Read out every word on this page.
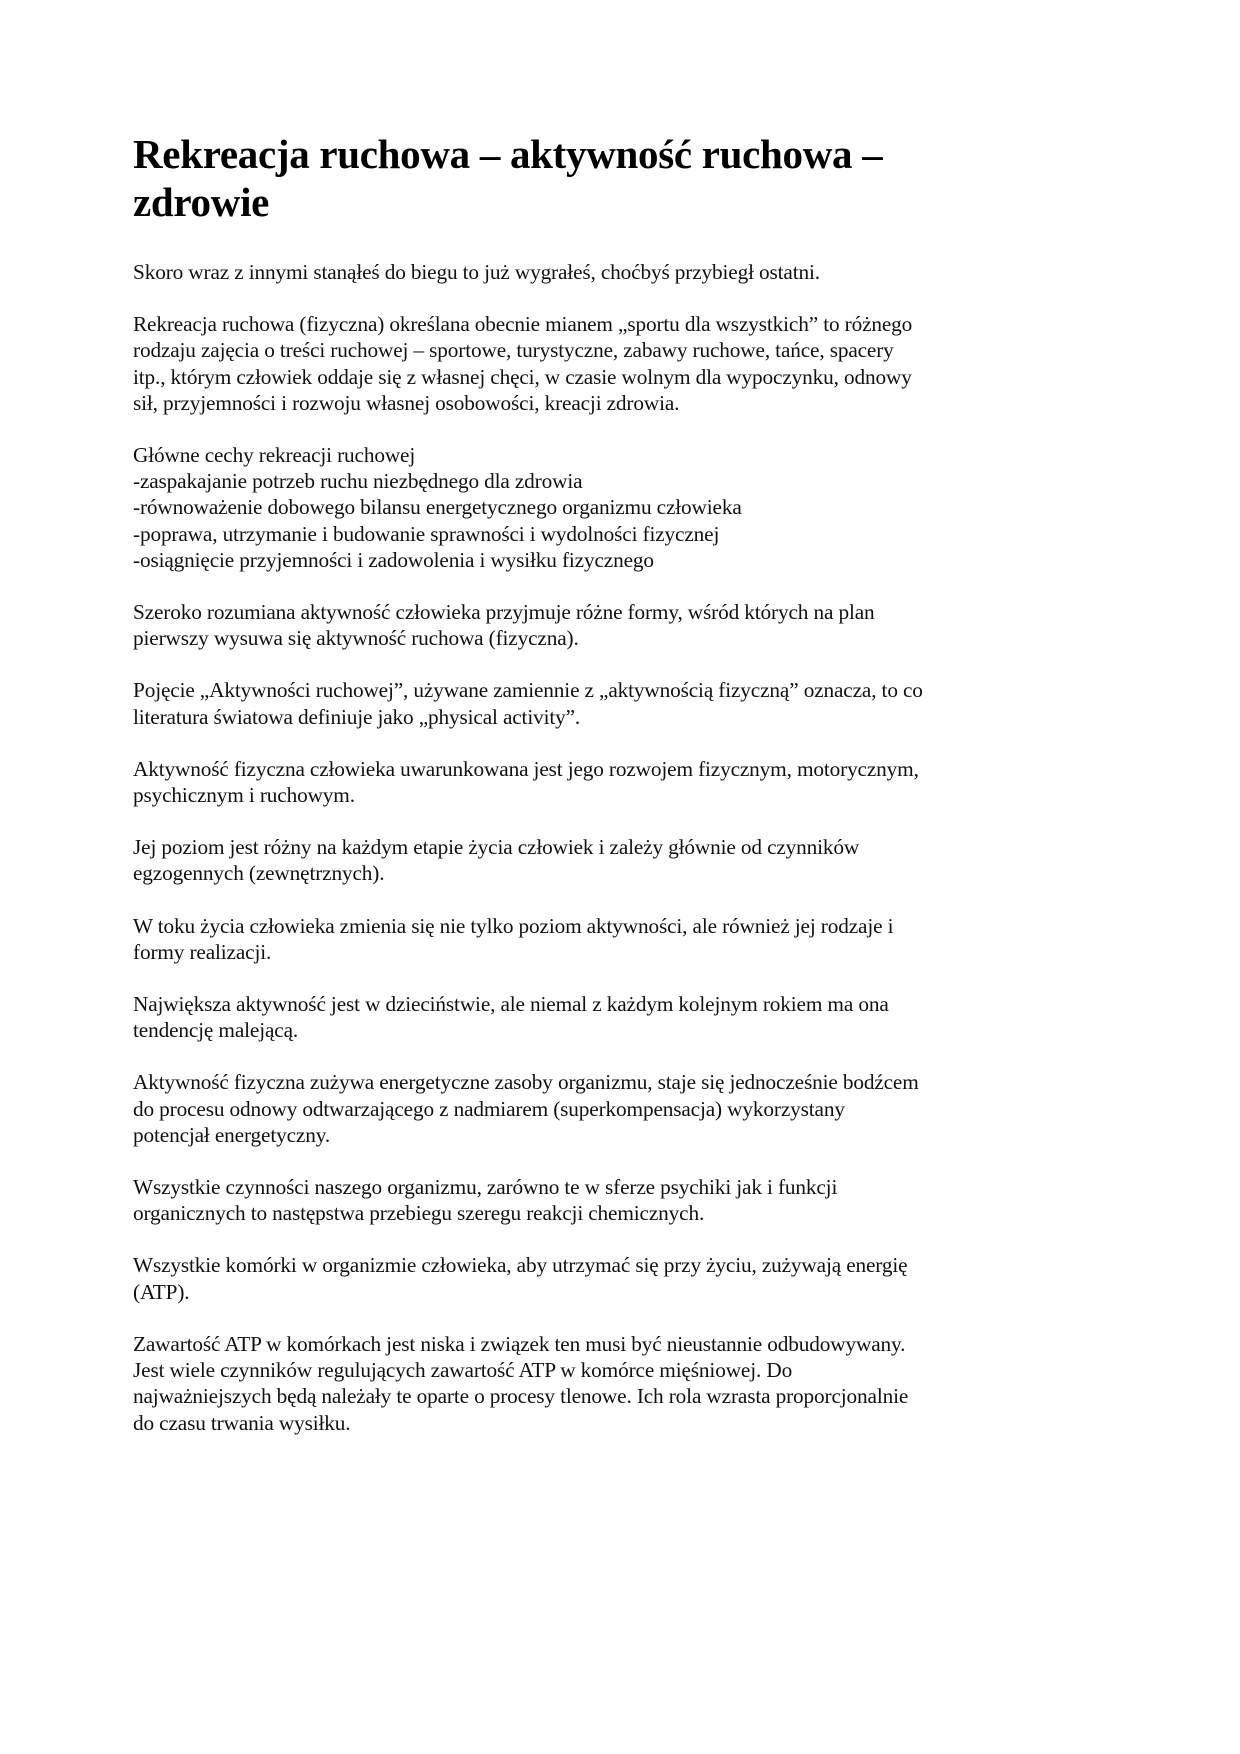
Rekreacja ruchowa – aktywność ruchowa –
zdrowie

Skoro wraz z innymi stanąłeś do biegu to już wygrałeś, choćbyś przybiegł ostatni.

Rekreacja ruchowa (fizyczna) określana obecnie mianem „sportu dla wszystkich” to różnego
rodzaju zajęcia o treści ruchowej – sportowe, turystyczne, zabawy ruchowe, tańce, spacery
itp., którym człowiek oddaje się z własnej chęci, w czasie wolnym dla wypoczynku, odnowy
sił, przyjemności i rozwoju własnej osobowości, kreacji zdrowia.

Główne cechy rekreacji ruchowej
-zaspakajanie potrzeb ruchu niezbędnego dla zdrowia
-równoważenie dobowego bilansu energetycznego organizmu człowieka
-poprawa, utrzymanie i budowanie sprawności i wydolności fizycznej
-osiągnięcie przyjemności i zadowolenia i wysiłku fizycznego

Szeroko rozumiana aktywność człowieka przyjmuje różne formy, wśród których na plan
pierwszy wysuwa się aktywność ruchowa (fizyczna).

Pojęcie „Aktywności ruchowej”, używane zamiennie z „aktywnością fizyczną” oznacza, to co
literatura światowa definiuje jako „physical activity”.

Aktywność fizyczna człowieka uwarunkowana jest jego rozwojem fizycznym, motorycznym,
psychicznym i ruchowym.

Jej poziom jest różny na każdym etapie życia człowiek i zależy głównie od czynników
egzogennych (zewnętrznych).

W toku życia człowieka zmienia się nie tylko poziom aktywności, ale również jej rodzaje i
formy realizacji.

Największa aktywność jest w dzieciństwie, ale niemal z każdym kolejnym rokiem ma ona
tendencję malejącą.

Aktywność fizyczna zużywa energetyczne zasoby organizmu, staje się jednocześnie bodźcem
do procesu odnowy odtwarzającego z nadmiarem (superkompensacja) wykorzystany
potencjał energetyczny.

Wszystkie czynności naszego organizmu, zarówno te w sferze psychiki jak i funkcji
organicznych to następstwa przebiegu szeregu reakcji chemicznych.

Wszystkie komórki w organizmie człowieka, aby utrzymać się przy życiu, zużywają energię
(ATP).

Zawartość ATP w komórkach jest niska i związek ten musi być nieustannie odbudowywany.
Jest wiele czynników regulujących zawartość ATP w komórce mięśniowej. Do
najważniejszych będą należały te oparte o procesy tlenowe. Ich rola wzrasta proporcjonalnie
do czasu trwania wysiłku.
